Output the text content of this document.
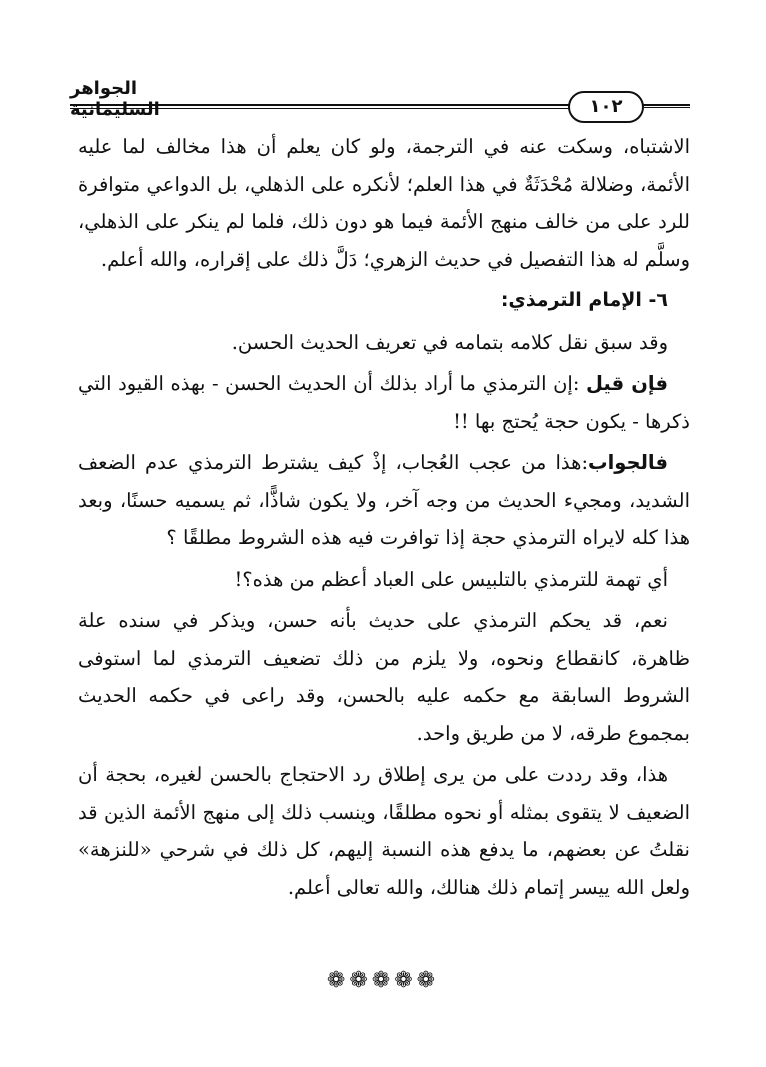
الجواهر السليمانية	١٠٢

الاشتباه، وسكت عنه في الترجمة، ولو كان يعلم أن هذا مخالف لما عليه الأئمة، وضلالة مُحْدَثَةٌ في هذا العلم؛ لأنكره على الذهلي، بل الدواعي متوافرة للرد على من خالف منهج الأئمة فيما هو دون ذلك، فلما لم ينكر على الذهلي، وسلَّم له هذا التفصيل في حديث الزهري؛ دَلَّ ذلك على إقراره، والله أعلم.

٦- الإمام الترمذي:

وقد سبق نقل كلامه بتمامه في تعريف الحديث الحسن.

فإن قيل :إن الترمذي ما أراد بذلك أن الحديث الحسن - بهذه القيود التي ذكرها - يكون حجة يُحتج بها !!

فالجواب:هذا من عجب العُجاب، إذْ كيف يشترط الترمذي عدم الضعف الشديد، ومجيء الحديث من وجه آخر، ولا يكون شاذًّا، ثم يسميه حسنًا، وبعد هذا كله لايراه الترمذي حجة إذا توافرت فيه هذه الشروط مطلقًا ؟

أي تهمة للترمذي بالتلبيس على العباد أعظم من هذه؟!

نعم، قد يحكم الترمذي على حديث بأنه حسن، ويذكر في سنده علة ظاهرة، كانقطاع ونحوه، ولا يلزم من ذلك تضعيف الترمذي لما استوفى الشروط السابقة مع حكمه عليه بالحسن، وقد راعى في حكمه الحديث بمجموع طرقه، لا من طريق واحد.

هذا، وقد رددت على من يرى إطلاق رد الاحتجاج بالحسن لغيره، بحجة أن الضعيف لا يتقوى بمثله أو نحوه مطلقًا، وينسب ذلك إلى منهج الأئمة الذين قد نقلتُ عن بعضهم، ما يدفع هذه النسبة إليهم، كل ذلك في شرحي «للنزهة» ولعل الله ييسر إتمام ذلك هنالك، والله تعالى أعلم.

❁❁❁❁❁
